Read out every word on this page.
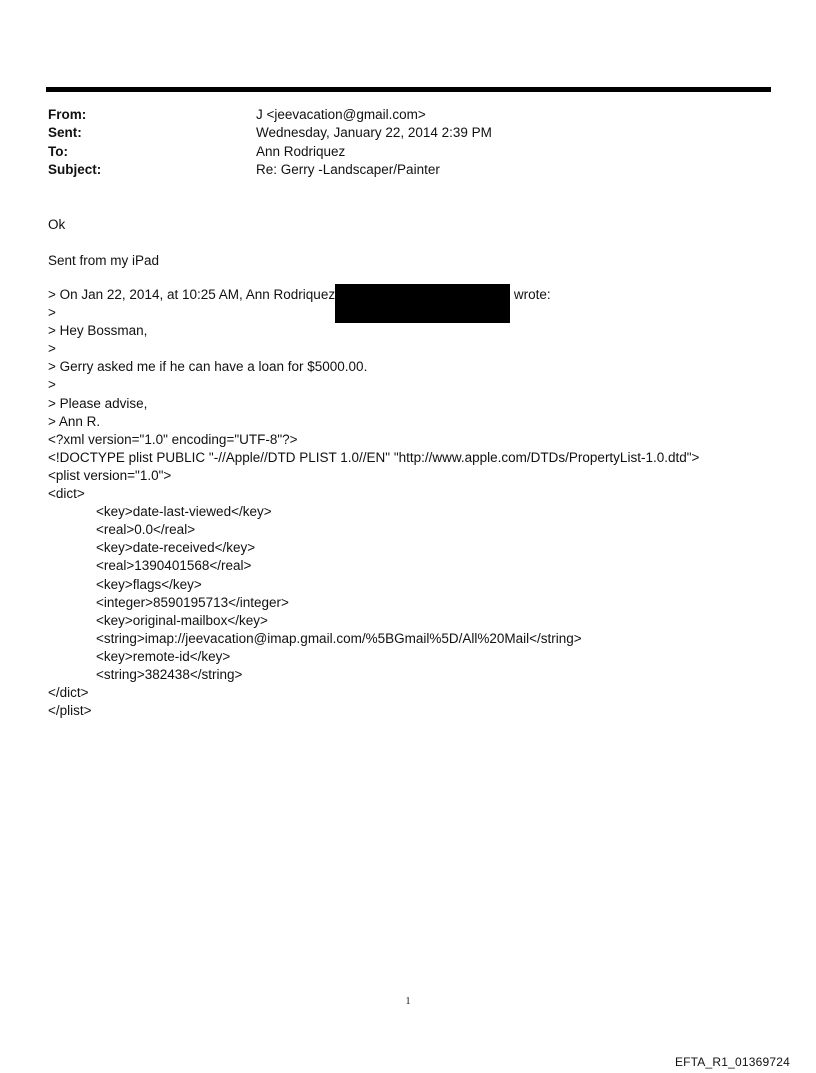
From:	J <jeevacation@gmail.com>
Sent:	Wednesday, January 22, 2014 2:39 PM
To:	Ann Rodriquez
Subject:	Re: Gerry -Landscaper/Painter
Ok
Sent from my iPad
> On Jan 22, 2014, at 10:25 AM, Ann Rodriquez	wrote:
>
> Hey Bossman,
>
> Gerry asked me if he can have a loan for $5000.00.
>
> Please advise,
> Ann R.
<?xml version="1.0" encoding="UTF-8"?>
<!DOCTYPE plist PUBLIC "-//Apple//DTD PLIST 1.0//EN" "http://www.apple.com/DTDs/PropertyList-1.0.dtd">
<plist version="1.0">
<dict>
<key>date-last-viewed</key>
<real>0.0</real>
<key>date-received</key>
<real>1390401568</real>
<key>flags</key>
<integer>8590195713</integer>
<key>original-mailbox</key>
<string>imap://jeevacation@imap.gmail.com/%5BGmail%5D/All%20Mail</string>
<key>remote-id</key>
<string>382438</string>
</dict>
</plist>
1
EFTA_R1_01369724
